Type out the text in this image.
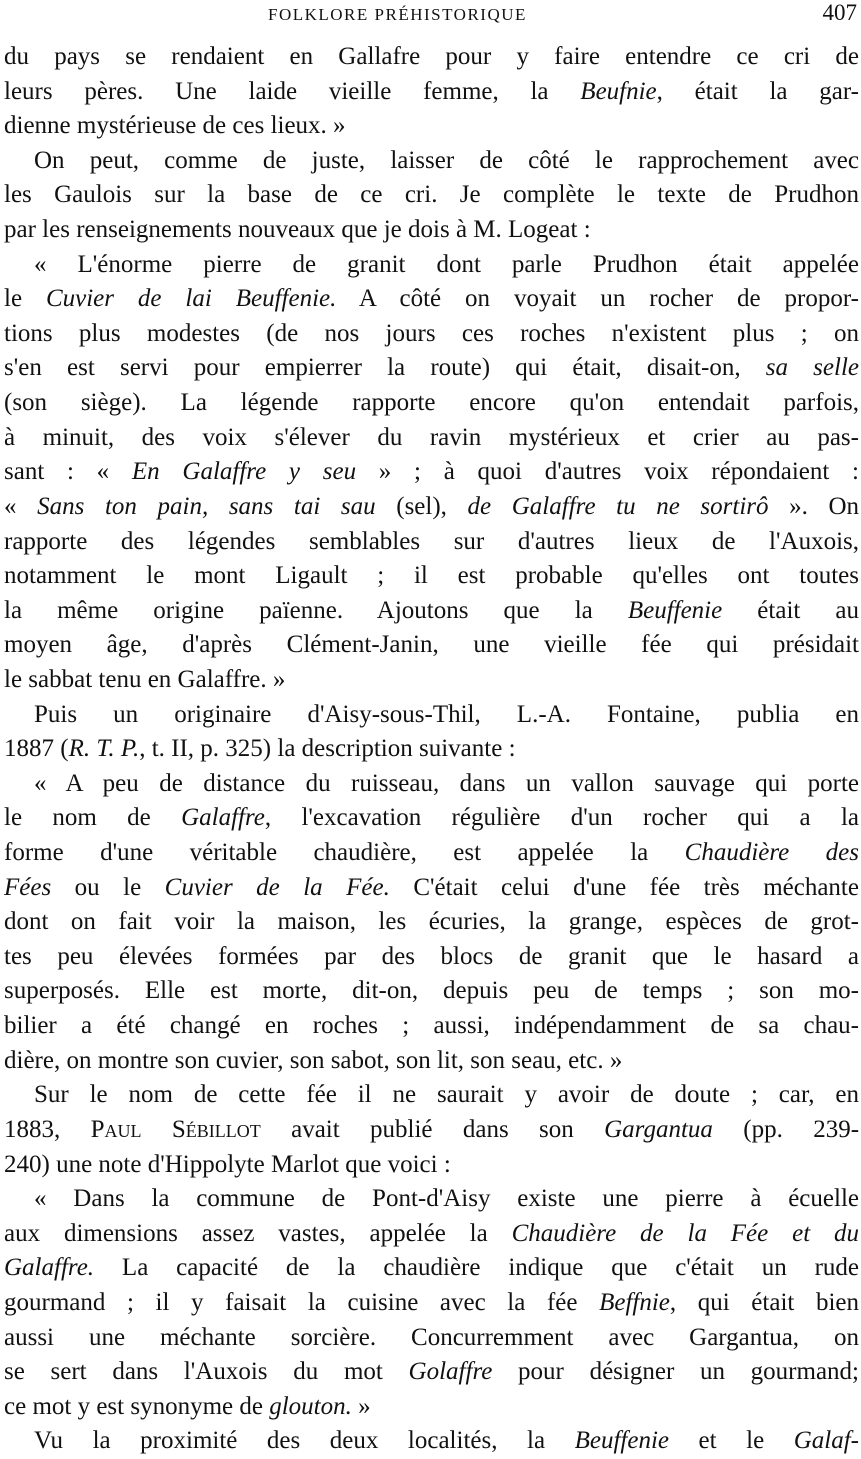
FOLKLORE PRÉHISTORIQUE	407
du pays se rendaient en Gallafre pour y faire entendre ce cri de
leurs pères. Une laide vieille femme, la Beufnie, était la gar-
dienne mystérieuse de ces lieux. »
On peut, comme de juste, laisser de côté le rapprochement avec
les Gaulois sur la base de ce cri. Je complète le texte de Prudhon
par les renseignements nouveaux que je dois à M. Logeat :
« L'énorme pierre de granit dont parle Prudhon était appelée
le Cuvier de lai Beuffenie. A côté on voyait un rocher de propor-
tions plus modestes (de nos jours ces roches n'existent plus ; on
s'en est servi pour empierrer la route) qui était, disait-on, sa selle
(son siège). La légende rapporte encore qu'on entendait parfois,
à minuit, des voix s'élever du ravin mystérieux et crier au pas-
sant : « En Galaffre y seu » ; à quoi d'autres voix répondaient :
« Sans ton pain, sans tai sau (sel), de Galaffre tu ne sortirô ». On
rapporte des légendes semblables sur d'autres lieux de l'Auxois,
notamment le mont Ligault ; il est probable qu'elles ont toutes
la même origine païenne. Ajoutons que la Beuffenie était au
moyen âge, d'après Clément-Janin, une vieille fée qui présidait
le sabbat tenu en Galaffre. »
Puis un originaire d'Aisy-sous-Thil, L.-A. Fontaine, publia en
1887 (R. T. P., t. II, p. 325) la description suivante :
« A peu de distance du ruisseau, dans un vallon sauvage qui porte
le nom de Galaffre, l'excavation régulière d'un rocher qui a la
forme d'une véritable chaudière, est appelée la Chaudière des
Fées ou le Cuvier de la Fée. C'était celui d'une fée très méchante
dont on fait voir la maison, les écuries, la grange, espèces de grot-
tes peu élevées formées par des blocs de granit que le hasard a
superposés. Elle est morte, dit-on, depuis peu de temps ; son mo-
bilier a été changé en roches ; aussi, indépendamment de sa chau-
dière, on montre son cuvier, son sabot, son lit, son seau, etc. »
Sur le nom de cette fée il ne saurait y avoir de doute ; car, en
1883, Paul Sébillot avait publié dans son Gargantua (pp. 239-
240) une note d'Hippolyte Marlot que voici :
« Dans la commune de Pont-d'Aisy existe une pierre à écuelle
aux dimensions assez vastes, appelée la Chaudière de la Fée et du
Galaffre. La capacité de la chaudière indique que c'était un rude
gourmand ; il y faisait la cuisine avec la fée Beffnie, qui était bien
aussi une méchante sorcière. Concurremment avec Gargantua, on
se sert dans l'Auxois du mot Golaffre pour désigner un gourmand;
ce mot y est synonyme de glouton. »
Vu la proximité des deux localités, la Beuffenie et le Galaf-
